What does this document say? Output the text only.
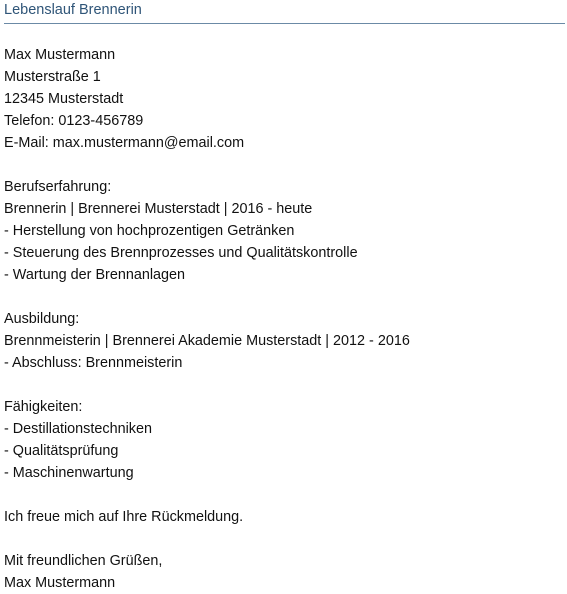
Lebenslauf Brennerin
Max Mustermann
Musterstraße 1
12345 Musterstadt
Telefon: 0123-456789
E-Mail: max.mustermann@email.com
Berufserfahrung:
Brennerin | Brennerei Musterstadt | 2016 - heute
- Herstellung von hochprozentigen Getränken
- Steuerung des Brennprozesses und Qualitätskontrolle
- Wartung der Brennanlagen
Ausbildung:
Brennmeisterin | Brennerei Akademie Musterstadt | 2012 - 2016
- Abschluss: Brennmeisterin
Fähigkeiten:
- Destillationstechniken
- Qualitätsprüfung
- Maschinenwartung
Ich freue mich auf Ihre Rückmeldung.
Mit freundlichen Grüßen,
Max Mustermann
